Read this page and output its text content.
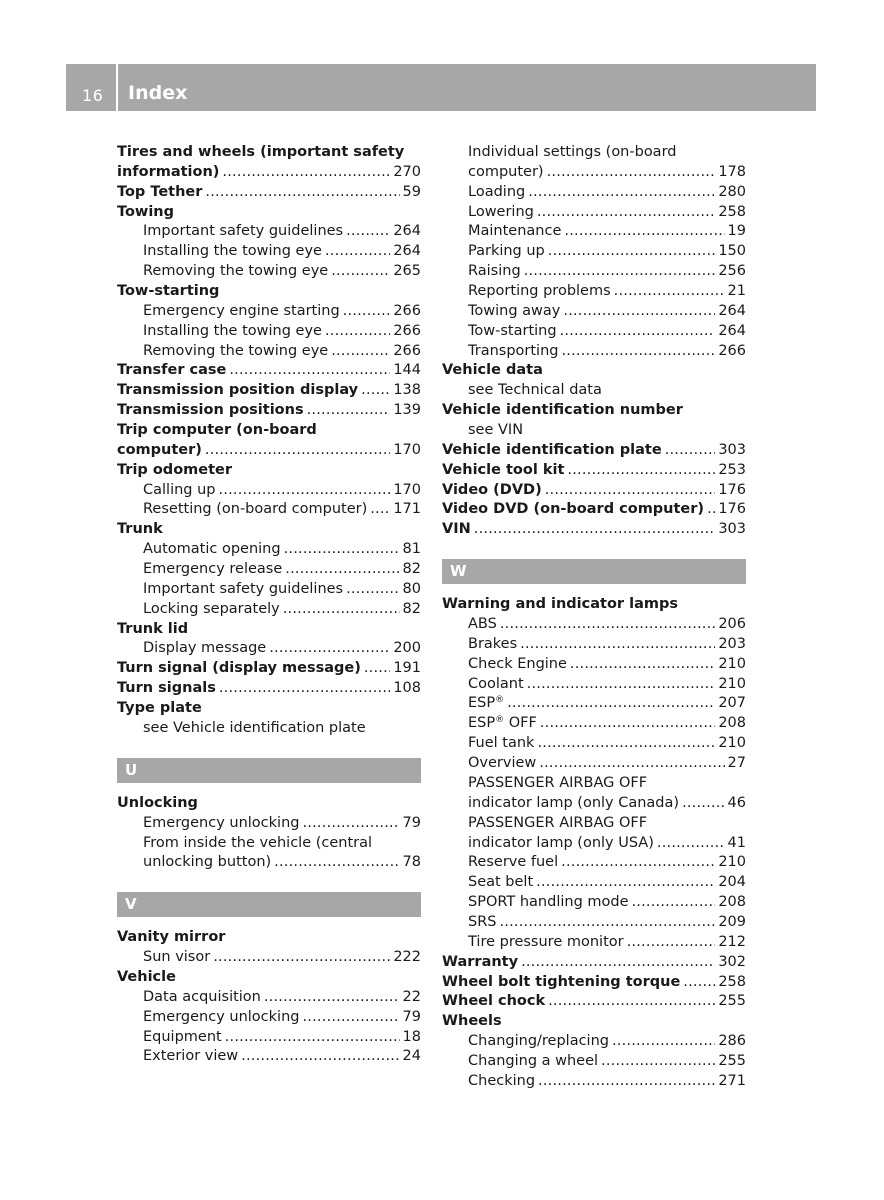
16 Index
Tires and wheels (important safety
information) .....	270
Top Tether .....	59
Towing
Important safety guidelines .....	264
Installing the towing eye .....	264
Removing the towing eye .....	265
Tow-starting
Emergency engine starting .....	266
Installing the towing eye .....	266
Removing the towing eye .....	266
Transfer case .....	144
Transmission position display ..... 138
Transmission positions .....	139
Trip computer (on-board
computer) .....	170
Trip odometer
Calling up .....	170
Resetting (on-board computer) ..... 171
Trunk
Automatic opening .....	81
Emergency release .....	82
Important safety guidelines .....	80
Locking separately .....	82
Trunk lid
Display message .....	200
Turn signal (display message) ..... 191
Turn signals .....	108
Type plate
see Vehicle identification plate
U
Unlocking
Emergency unlocking .....	79
From inside the vehicle (central
unlocking button) .....	78
V
Vanity mirror
Sun visor .....	222
Vehicle
Data acquisition .....	22
Emergency unlocking .....	79
Equipment .....	18
Exterior view .....	24
Individual settings (on-board
computer) .....	178
Loading .....	280
Lowering .....	258
Maintenance .....	19
Parking up .....	150
Raising .....	256
Reporting problems .....	21
Towing away .....	264
Tow-starting .....	264
Transporting .....	266
Vehicle data
see Technical data
Vehicle identification number
see VIN
Vehicle identification plate .....	303
Vehicle tool kit .....	253
Video (DVD) .....	176
Video DVD (on-board computer) ..... 176
VIN .....	303
W
Warning and indicator lamps
ABS .....	206
Brakes .....	203
Check Engine .....	210
Coolant .....	210
ESP® .....	207
ESP® OFF .....	208
Fuel tank .....	210
Overview .....	27
PASSENGER AIRBAG OFF
indicator lamp (only Canada) .....	46
PASSENGER AIRBAG OFF
indicator lamp (only USA) .....	41
Reserve fuel .....	210
Seat belt .....	204
SPORT handling mode .....	208
SRS .....	209
Tire pressure monitor .....	212
Warranty .....	302
Wheel bolt tightening torque .....	258
Wheel chock .....	255
Wheels
Changing/replacing .....	286
Changing a wheel .....	255
Checking .....	271
